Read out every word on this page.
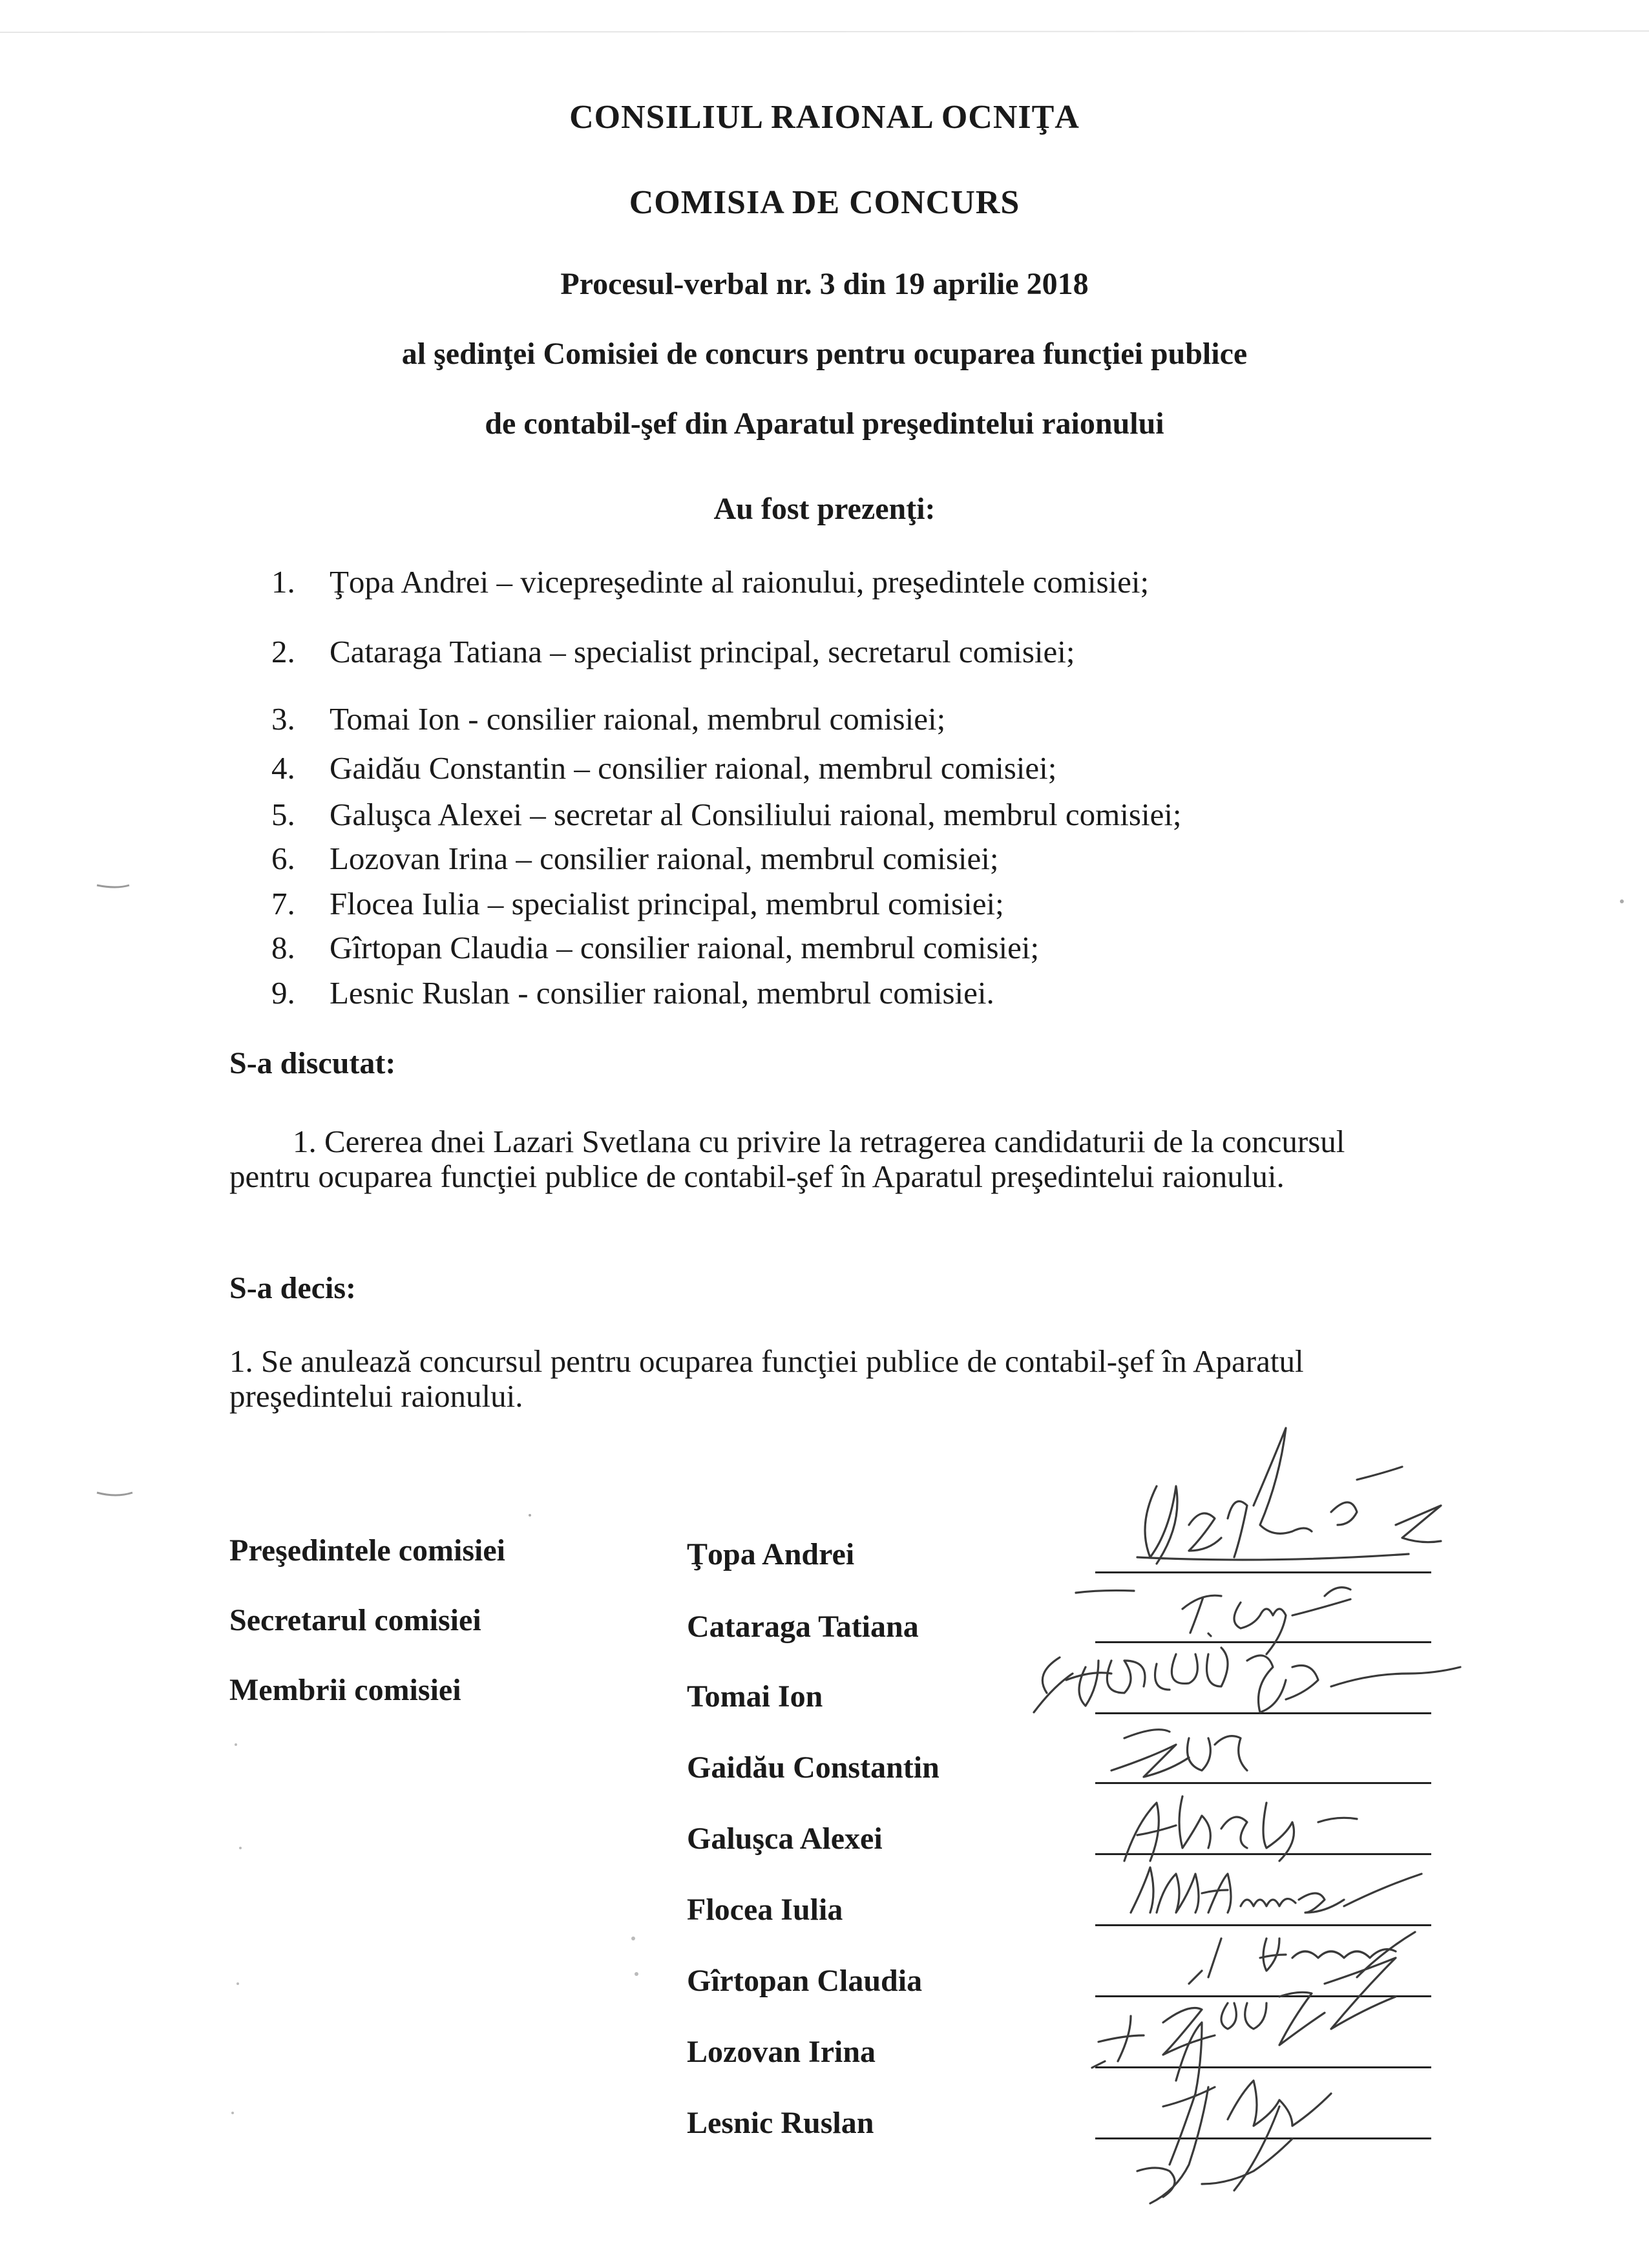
CONSILIUL RAIONAL OCNIŢA
COMISIA DE CONCURS
Procesul-verbal nr. 3 din 19 aprilie 2018
al şedinţei Comisiei de concurs pentru ocuparea funcţiei publice
de contabil-şef din Aparatul preşedintelui raionului
Au fost prezenţi:
1. Ţopa Andrei – vicepreşedinte al raionului, preşedintele comisiei;
2. Cataraga Tatiana – specialist principal, secretarul comisiei;
3. Tomai Ion - consilier raional, membrul comisiei;
4. Gaidău Constantin – consilier raional, membrul comisiei;
5. Galuşca Alexei – secretar al Consiliului raional, membrul comisiei;
6. Lozovan Irina – consilier raional, membrul comisiei;
7. Flocea Iulia – specialist principal, membrul comisiei;
8. Gîrtopan Claudia – consilier raional, membrul comisiei;
9. Lesnic Ruslan - consilier raional, membrul comisiei.
S-a discutat:
1. Cererea dnei Lazari Svetlana cu privire la retragerea candidaturii de la concursul pentru ocuparea funcţiei publice de contabil-şef în Aparatul preşedintelui raionului.
S-a decis:
1. Se anulează concursul pentru ocuparea funcţiei publice de contabil-şef în Aparatul preşedintelui raionului.
Preşedintele comisiei
Secretarul comisiei
Membrii comisiei
Ţopa Andrei
Cataraga Tatiana
Tomai Ion
Gaidău Constantin
Galuşca Alexei
Flocea Iulia
Gîrtopan Claudia
Lozovan Irina
Lesnic Ruslan
